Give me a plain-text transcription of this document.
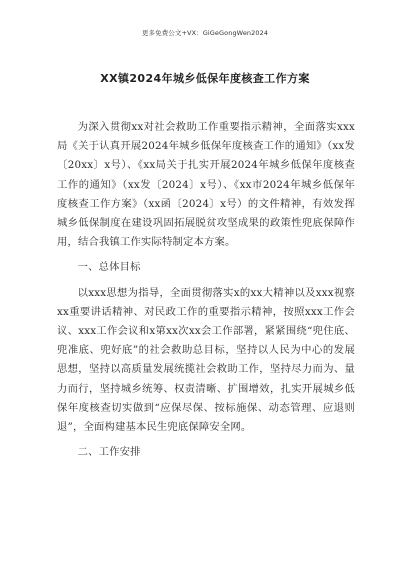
更多免费公文+VX：GiGeGongWen2024
XX镇2024年城乡低保年度核查工作方案

为深入贯彻xx对社会救助工作重要指示精神，全面落实xxx局《关于认真开展2024年城乡低保年度核查工作的通知》（xx发〔20xx〕x号）、《xx局关于扎实开展2024年城乡低保年度核查工作的通知》（xx发〔2024〕x号）、《xx市2024年城乡低保年度核查工作方案》（xx函〔2024〕x号）的文件精神，有效发挥城乡低保制度在建设巩固拓展脱贫攻坚成果的政策性兜底保障作用，结合我镇工作实际特制定本方案。

一、总体目标

以xxx思想为指导，全面贯彻落实x的xx大精神以及xxx视察xx重要讲话精神、对民政工作的重要指示精神，按照xxx工作会议、xxx工作会议和x第xx次xx会工作部署，紧紧围绕“兜住底、兜准底、兜好底”的社会救助总目标，坚持以人民为中心的发展思想，坚持以高质量发展统揽社会救助工作，坚持尽力而为、量力而行，坚持城乡统筹、权责清晰、扩围增效，扎实开展城乡低保年度核查切实做到“应保尽保、按标施保、动态管理、应退则退”，全面构建基本民生兜底保障安全网。

二、工作安排
